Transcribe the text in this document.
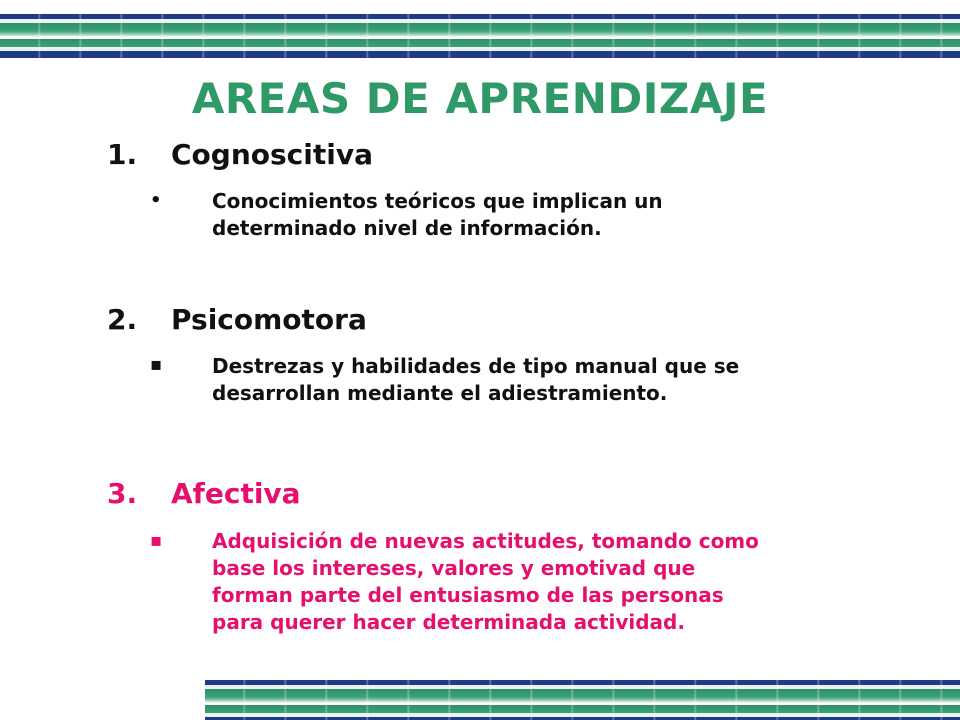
AREAS DE APRENDIZAJE
1. Cognoscitiva
•	Conocimientos teóricos que implican un
determinado nivel de información.
2. Psicomotora
▪ Destrezas y habilidades de tipo manual que se
desarrollan mediante el adiestramiento.
3. Afectiva
▪ Adquisición de nuevas actitudes, tomando como
base los intereses, valores y emotivad que
forman parte del entusiasmo de las personas
para querer hacer determinada actividad.
